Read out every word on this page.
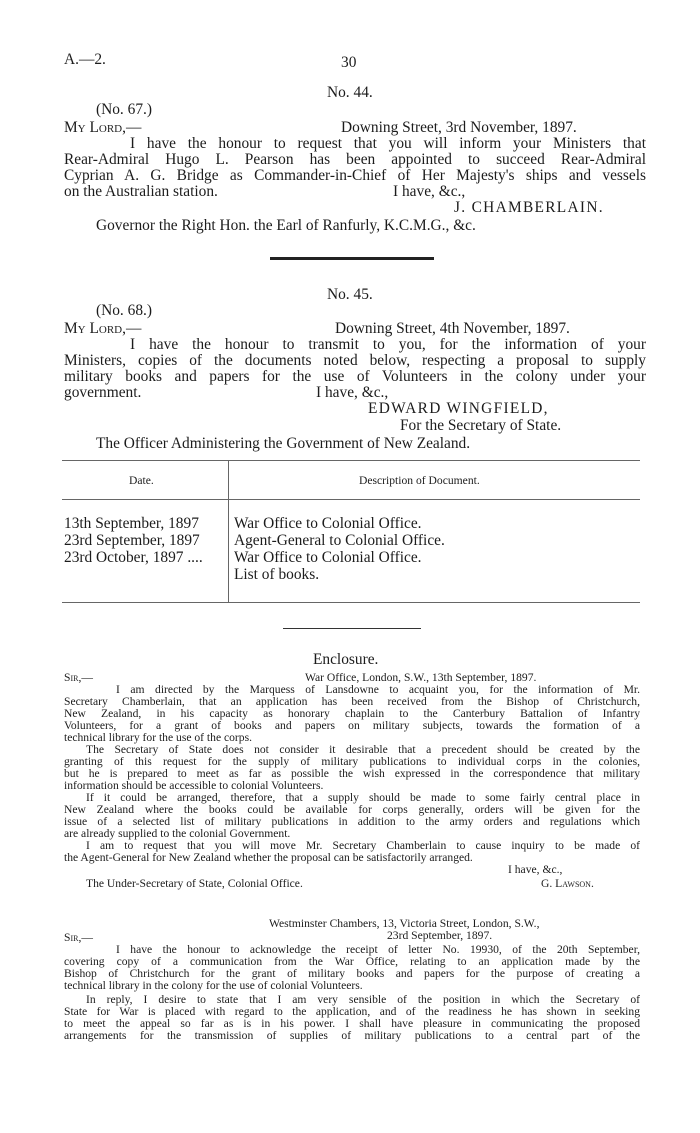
A.—2.	30
No. 44.
(No. 67.)
My Lord,—	Downing Street, 3rd November, 1897.
I have the honour to request that you will inform your Ministers that
Rear-Admiral Hugo L. Pearson has been appointed to succeed Rear-Admiral
Cyprian A. G. Bridge as Commander-in-Chief of Her Majesty's ships and vessels
on the Australian station.	I have, &c.,
J. CHAMBERLAIN.
Governor the Right Hon. the Earl of Ranfurly, K.C.M.G., &c.
No. 45.
(No. 68.)
My Lord,—	Downing Street, 4th November, 1897.
I have the honour to transmit to you, for the information of your
Ministers, copies of the documents noted below, respecting a proposal to supply
military books and papers for the use of Volunteers in the colony under your
government.	I have, &c.,
EDWARD WINGFIELD,
For the Secretary of State.
The Officer Administering the Government of New Zealand.
Date.	Description of Document.
13th September, 1897 War Office to Colonial Office.
23rd September, 1897 Agent-General to Colonial Office.
23rd October, 1897 .... War Office to Colonial Office.
List of books.
Enclosure.
Sir,—	War Office, London, S.W., 13th September, 1897.
I am directed by the Marquess of Lansdowne to acquaint you, for the information of Mr.
Secretary Chamberlain, that an application has been received from the Bishop of Christchurch,
New Zealand, in his capacity as honorary chaplain to the Canterbury Battalion of Infantry
Volunteers, for a grant of books and papers on military subjects, towards the formation of a
technical library for the use of the corps.
The Secretary of State does not consider it desirable that a precedent should be created by the
granting of this request for the supply of military publications to individual corps in the colonies,
but he is prepared to meet as far as possible the wish expressed in the correspondence that military
information should be accessible to colonial Volunteers.
If it could be arranged, therefore, that a supply should be made to some fairly central place in
New Zealand where the books could be available for corps generally, orders will be given for the
issue of a selected list of military publications in addition to the army orders and regulations which
are already supplied to the colonial Government.
I am to request that you will move Mr. Secretary Chamberlain to cause inquiry to be made of
the Agent-General for New Zealand whether the proposal can be satisfactorily arranged.
I have, &c.,
The Under-Secretary of State, Colonial Office.	G. Lawson.
Westminster Chambers, 13, Victoria Street, London, S.W.,
23rd September, 1897.
Sir,—
I have the honour to acknowledge the receipt of letter No. 19930, of the 20th September,
covering copy of a communication from the War Office, relating to an application made by the
Bishop of Christchurch for the grant of military books and papers for the purpose of creating a
technical library in the colony for the use of colonial Volunteers.
In reply, I desire to state that I am very sensible of the position in which the Secretary of
State for War is placed with regard to the application, and of the readiness he has shown in seeking
to meet the appeal so far as is in his power. I shall have pleasure in communicating the proposed
arrangements for the transmission of supplies of military publications to a central part of the
